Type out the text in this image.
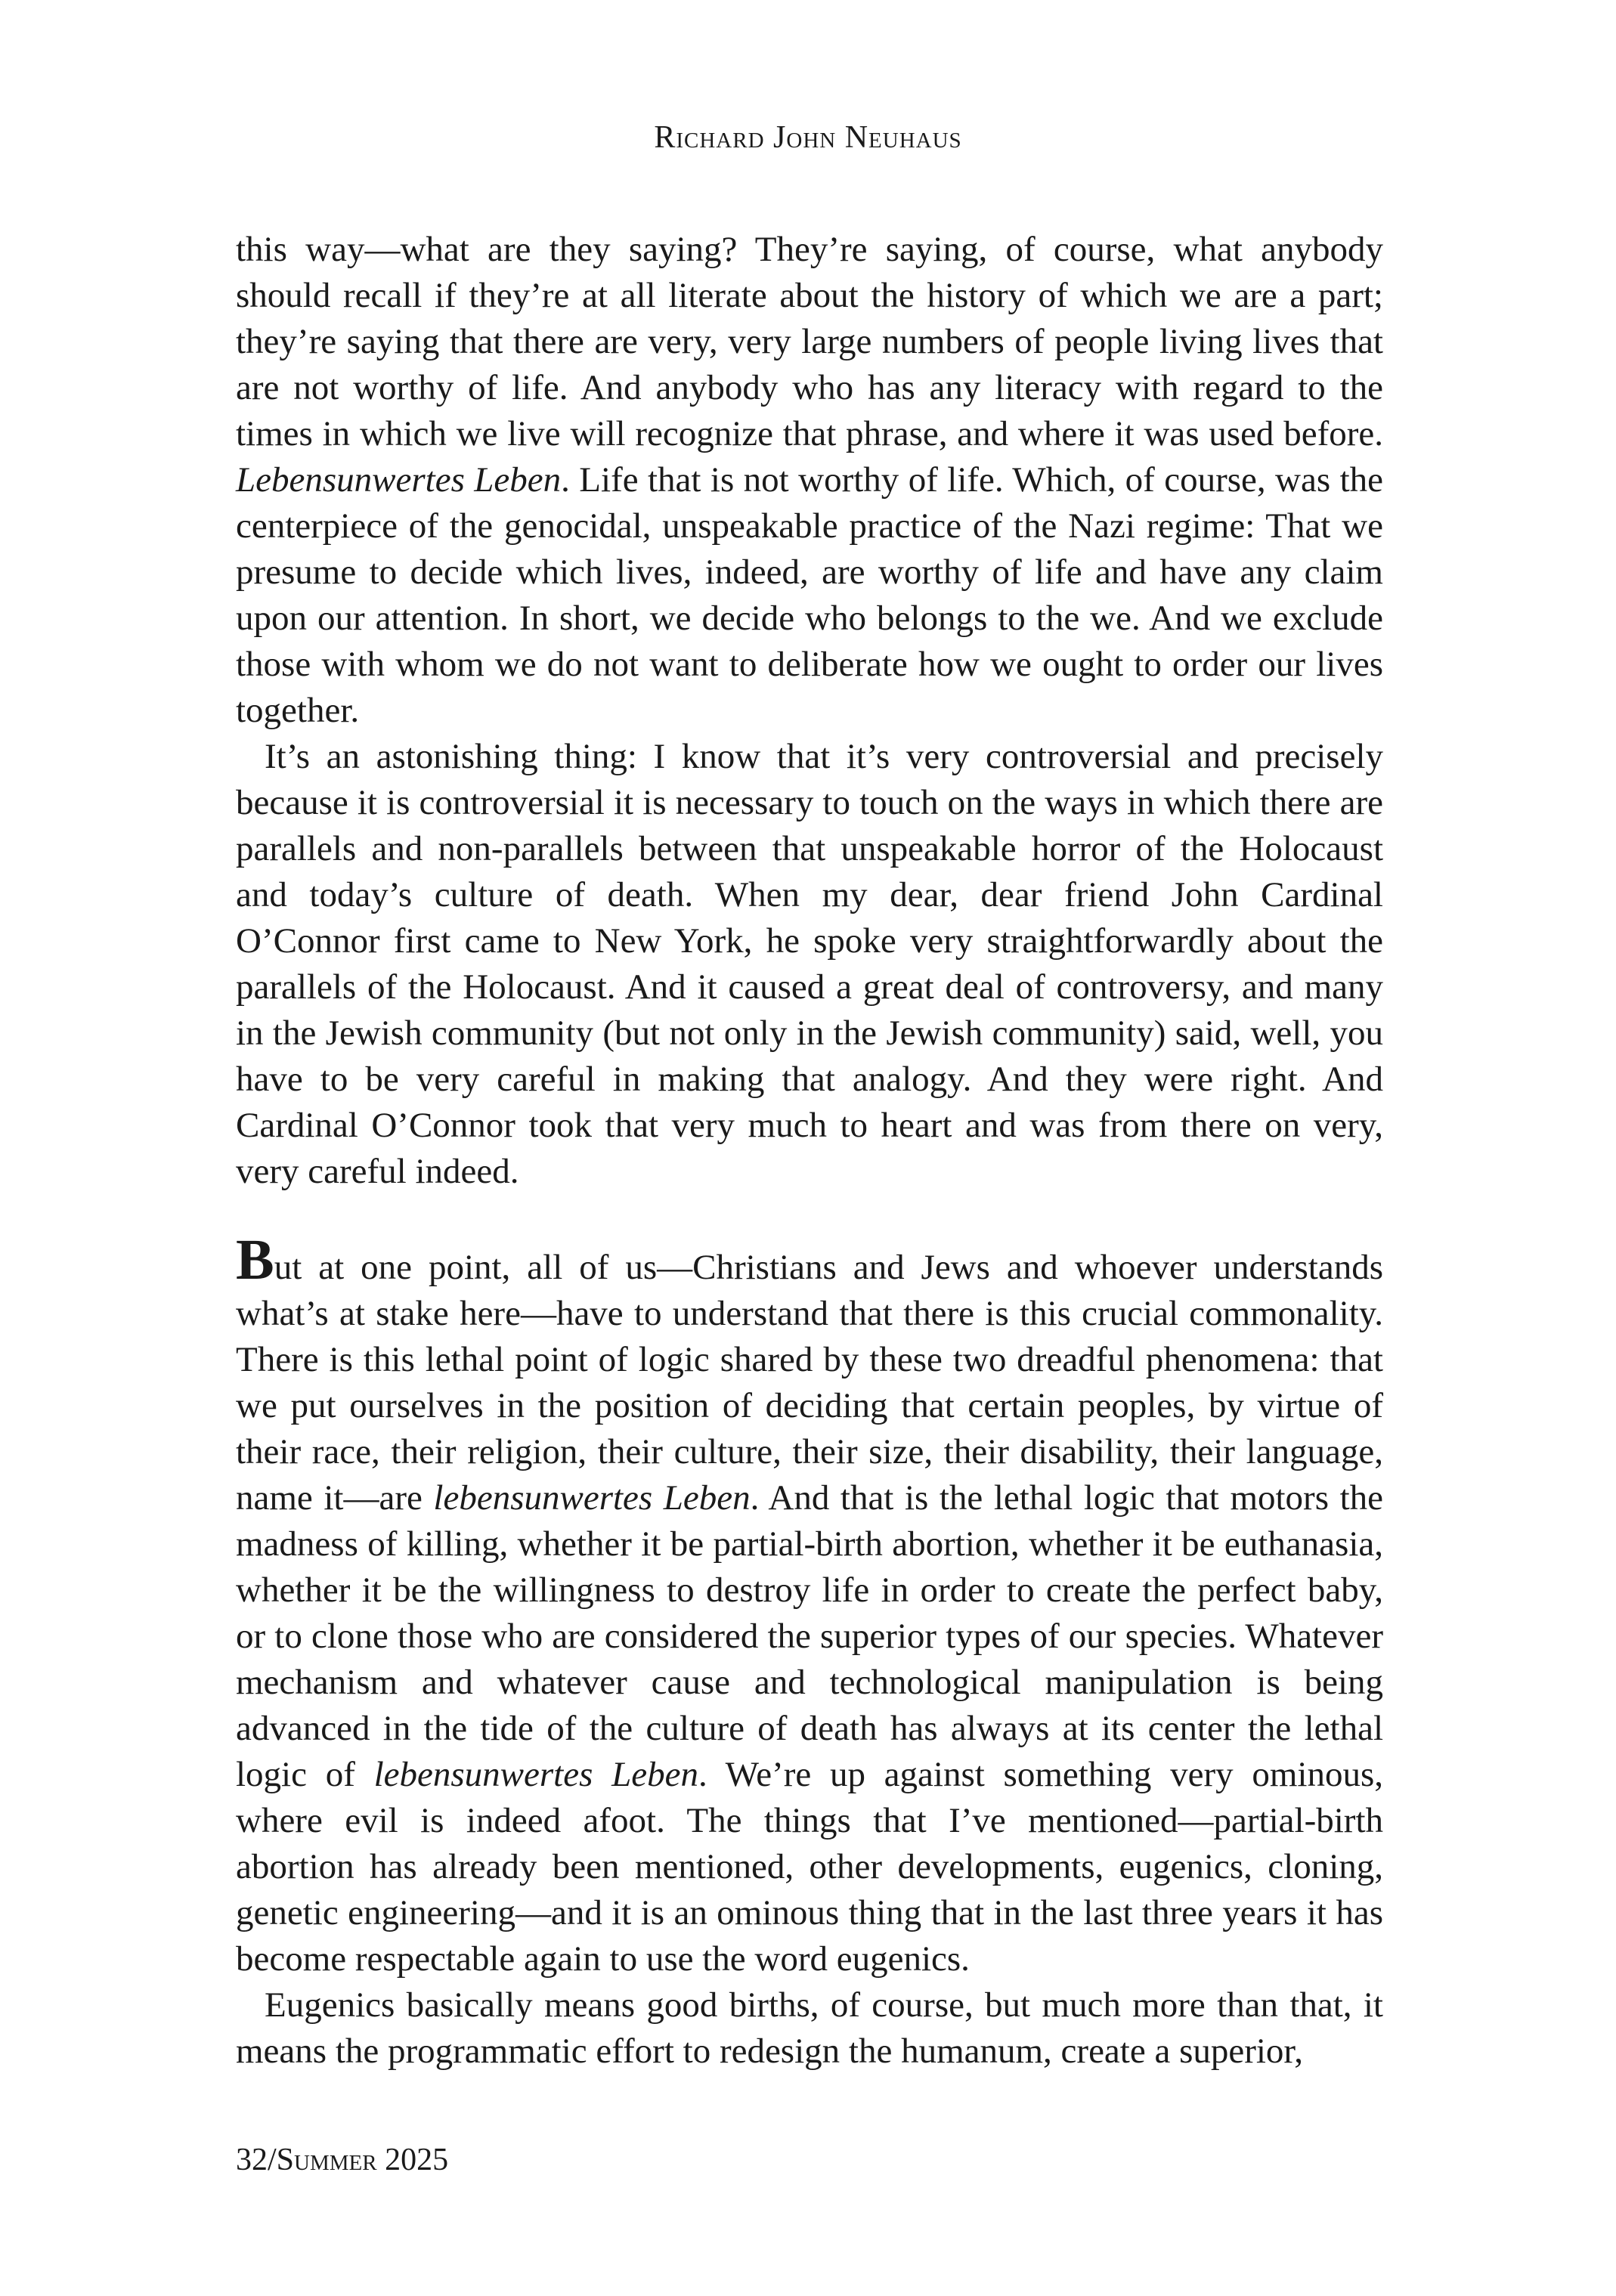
Richard John Neuhaus

this way—what are they saying? They’re saying, of course, what anybody should recall if they’re at all literate about the history of which we are a part; they’re saying that there are very, very large numbers of people living lives that are not worthy of life. And anybody who has any literacy with regard to the times in which we live will recognize that phrase, and where it was used before. Lebensunwertes Leben. Life that is not worthy of life. Which, of course, was the centerpiece of the genocidal, unspeakable practice of the Nazi regime: That we presume to decide which lives, indeed, are worthy of life and have any claim upon our attention. In short, we decide who belongs to the we. And we exclude those with whom we do not want to deliberate how we ought to order our lives together.

It’s an astonishing thing: I know that it’s very controversial and precisely because it is controversial it is necessary to touch on the ways in which there are parallels and non-parallels between that unspeakable horror of the Holocaust and today’s culture of death. When my dear, dear friend John Cardinal O’Connor first came to New York, he spoke very straightforwardly about the parallels of the Holocaust. And it caused a great deal of controversy, and many in the Jewish community (but not only in the Jewish community) said, well, you have to be very careful in making that analogy. And they were right. And Cardinal O’Connor took that very much to heart and was from there on very, very careful indeed.

But at one point, all of us—Christians and Jews and whoever understands what’s at stake here—have to understand that there is this crucial commonality. There is this lethal point of logic shared by these two dreadful phenomena: that we put ourselves in the position of deciding that certain peoples, by virtue of their race, their religion, their culture, their size, their disability, their language, name it—are lebensunwertes Leben. And that is the lethal logic that motors the madness of killing, whether it be partial-birth abortion, whether it be euthanasia, whether it be the willingness to destroy life in order to create the perfect baby, or to clone those who are considered the superior types of our species. Whatever mechanism and whatever cause and technological manipulation is being advanced in the tide of the culture of death has always at its center the lethal logic of lebensunwertes Leben. We’re up against something very ominous, where evil is indeed afoot. The things that I’ve mentioned—partial-birth abortion has already been mentioned, other developments, eugenics, cloning, genetic engineering—and it is an ominous thing that in the last three years it has become respectable again to use the word eugenics.

Eugenics basically means good births, of course, but much more than that, it means the programmatic effort to redesign the humanum, create a superior,

32/Summer 2025
